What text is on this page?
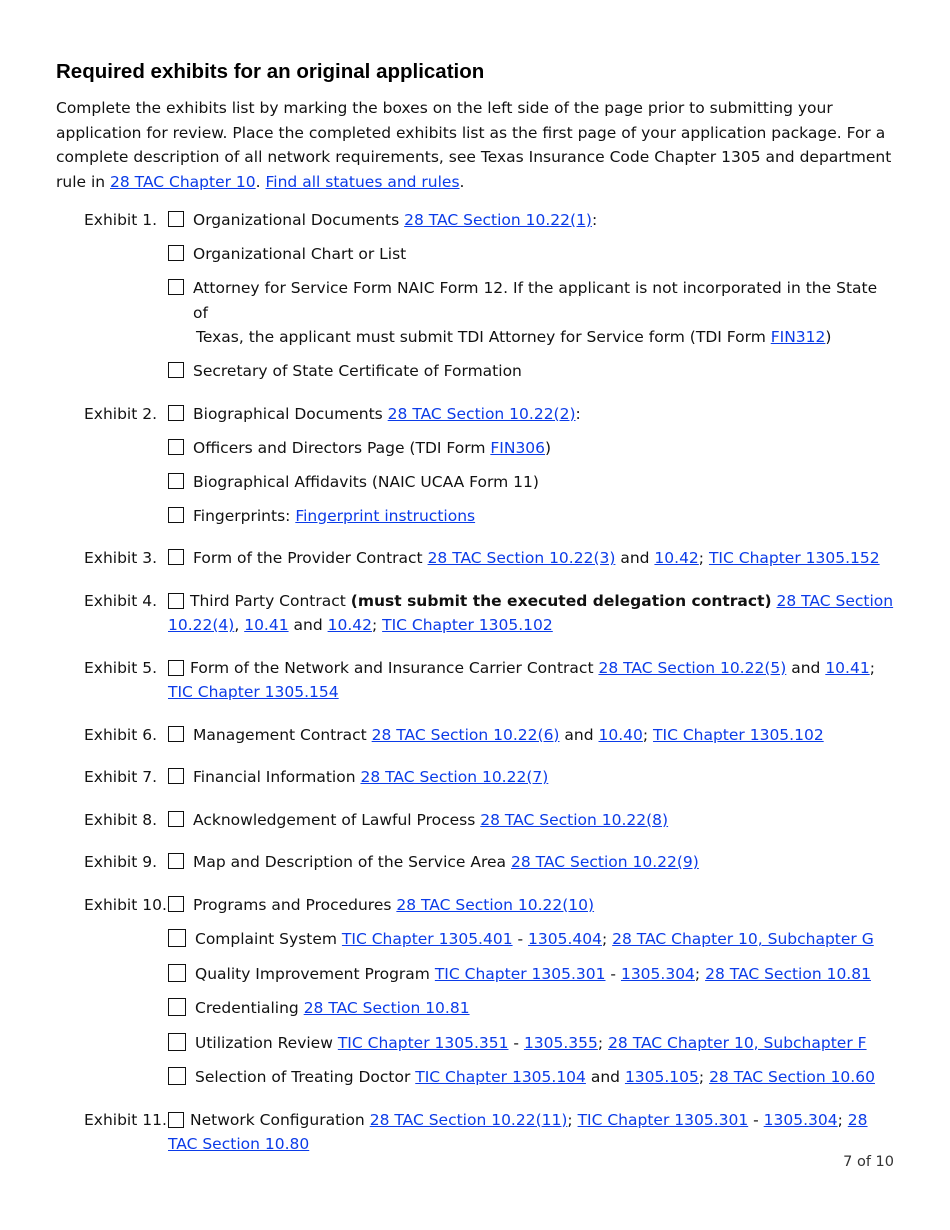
Required exhibits for an original application

Complete the exhibits list by marking the boxes on the left side of the page prior to submitting your application for review. Place the completed exhibits list as the first page of your application package. For a complete description of all network requirements, see Texas Insurance Code Chapter 1305 and department rule in 28 TAC Chapter 10. Find all statues and rules.

Exhibit 1.	Organizational Documents 28 TAC Section 10.22(1):
Organizational Chart or List
Attorney for Service Form NAIC Form 12. If the applicant is not incorporated in the State of
Texas, the applicant must submit TDI Attorney for Service form (TDI Form FIN312)
Secretary of State Certificate of Formation
Exhibit 2.	Biographical Documents 28 TAC Section 10.22(2):
Officers and Directors Page (TDI Form FIN306)
Biographical Affidavits (NAIC UCAA Form 11)
Fingerprints: Fingerprint instructions
Exhibit 3.	Form of the Provider Contract 28 TAC Section 10.22(3) and 10.42; TIC Chapter 1305.152
Exhibit 4.	Third Party Contract (must submit the executed delegation contract) 28 TAC Section 10.22(4), 10.41 and 10.42; TIC Chapter 1305.102
Exhibit 5.	Form of the Network and Insurance Carrier Contract 28 TAC Section 10.22(5) and 10.41; TIC Chapter 1305.154
Exhibit 6.	Management Contract 28 TAC Section 10.22(6) and 10.40; TIC Chapter 1305.102
Exhibit 7.	Financial Information 28 TAC Section 10.22(7)
Exhibit 8.	Acknowledgement of Lawful Process 28 TAC Section 10.22(8)
Exhibit 9.	Map and Description of the Service Area 28 TAC Section 10.22(9)
Exhibit 10.	Programs and Procedures 28 TAC Section 10.22(10)
Complaint System TIC Chapter 1305.401 - 1305.404; 28 TAC Chapter 10, Subchapter G
Quality Improvement Program TIC Chapter 1305.301 - 1305.304; 28 TAC Section 10.81
Credentialing 28 TAC Section 10.81
Utilization Review TIC Chapter 1305.351 - 1305.355; 28 TAC Chapter 10, Subchapter F
Selection of Treating Doctor TIC Chapter 1305.104 and 1305.105; 28 TAC Section 10.60
Exhibit 11.	Network Configuration 28 TAC Section 10.22(11); TIC Chapter 1305.301 - 1305.304; 28 TAC Section 10.80
7 of 10
